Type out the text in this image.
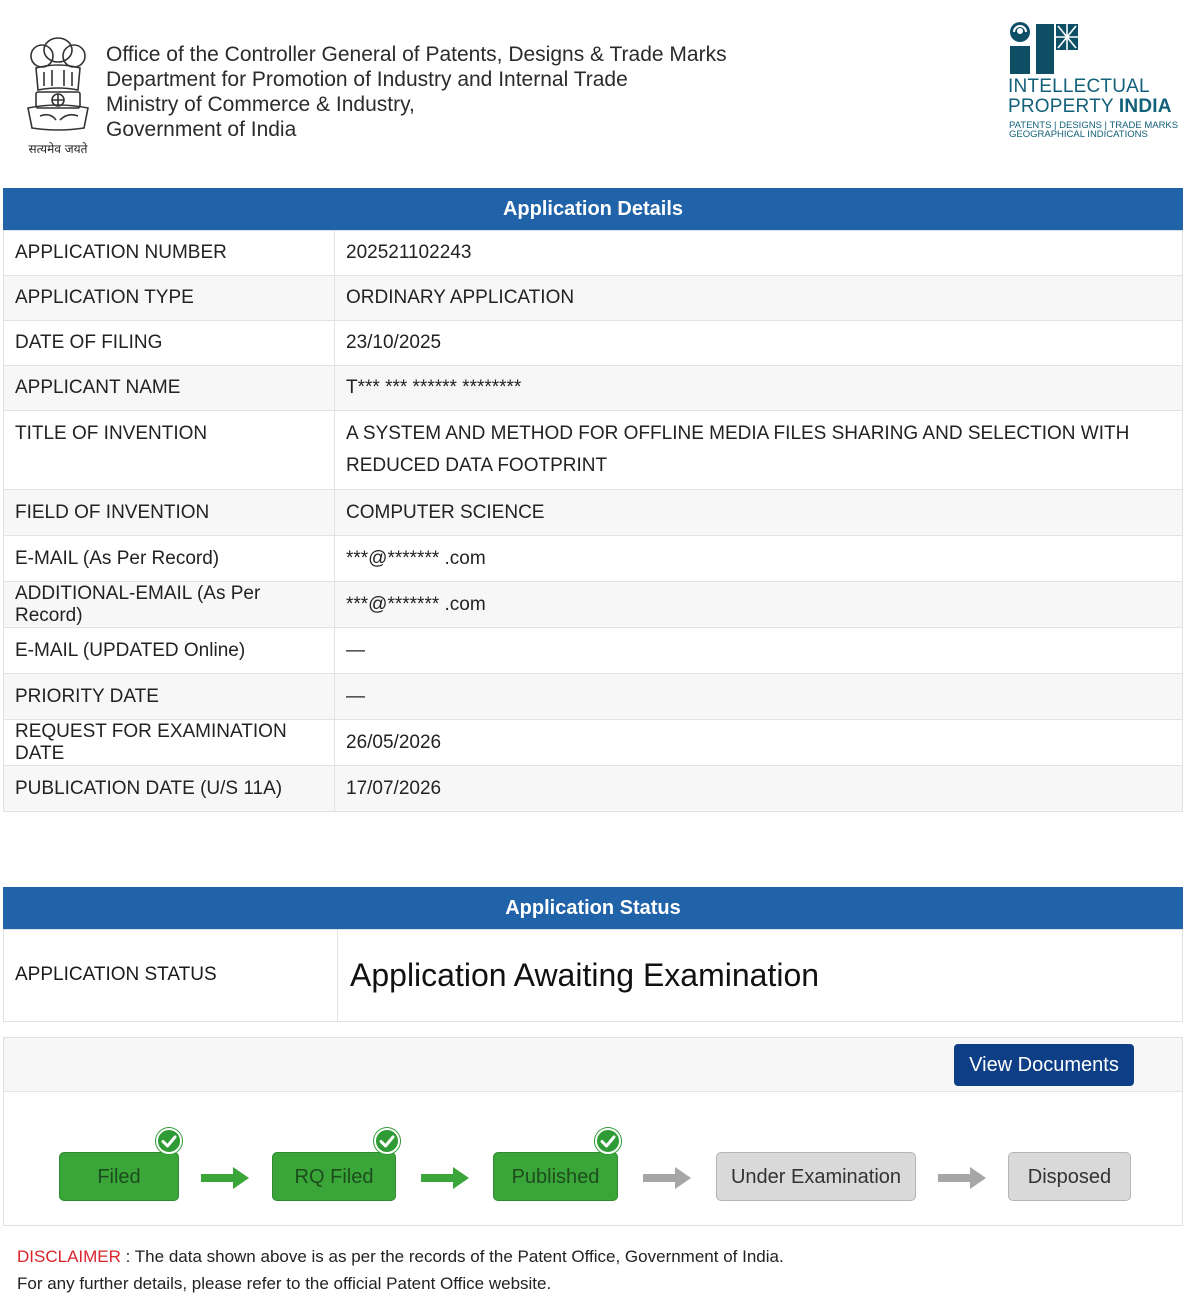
सत्यमेव जयते
Office of the Controller General of Patents, Designs & Trade Marks
Department for Promotion of Industry and Internal Trade
Ministry of Commerce & Industry,
Government of India
INTELLECTUAL
PROPERTY INDIA
PATENTS | DESIGNS | TRADE MARKS
GEOGRAPHICAL INDICATIONS
Application Details
APPLICATION NUMBER	202521102243
APPLICATION TYPE	ORDINARY APPLICATION
DATE OF FILING	23/10/2025
APPLICANT NAME	T*** *** ****** ********
TITLE OF INVENTION	A SYSTEM AND METHOD FOR OFFLINE MEDIA FILES SHARING AND SELECTION WITH REDUCED DATA FOOTPRINT
FIELD OF INVENTION	COMPUTER SCIENCE
E-MAIL (As Per Record)	***@******* .com
ADDITIONAL-EMAIL (As Per Record)	***@******* .com
E-MAIL (UPDATED Online)	—
PRIORITY DATE	—
REQUEST FOR EXAMINATION DATE	26/05/2026
PUBLICATION DATE (U/S 11A)	17/07/2026
Application Status
APPLICATION STATUS	Application Awaiting Examination
View Documents
Filed	RQ Filed	Published	Under Examination	Disposed
DISCLAIMER : The data shown above is as per the records of the Patent Office, Government of India.
For any further details, please refer to the official Patent Office website.
